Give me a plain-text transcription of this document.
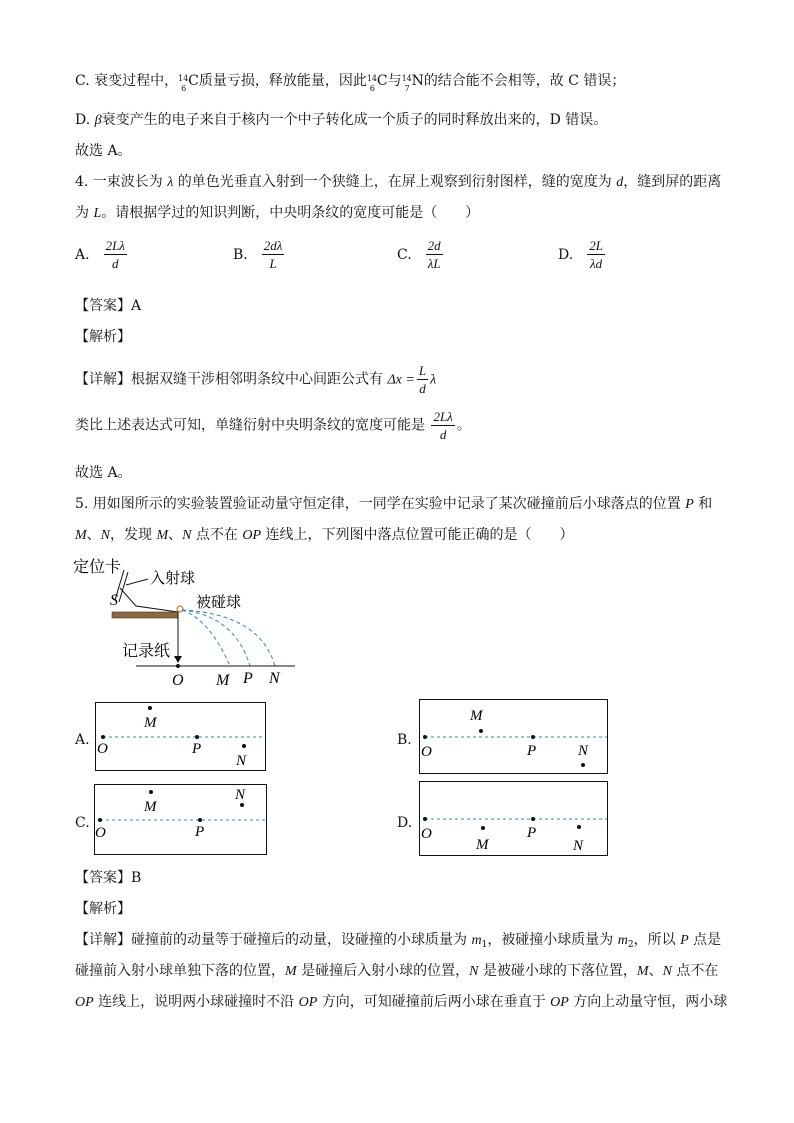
C. 衰变过程中， 14
6 C质量亏损，释放能量，因此 14
6 C与 14
7 N的结合能不会相等，故 C 错误；
D. β衰变产生的电子来自于核内一个中子转化成一个质子的同时释放出来的，D 错误。
故选 A。
4. 一束波长为 λ 的单色光垂直入射到一个狭缝上，在屏上观察到衍射图样，缝的宽度为 d，缝到屏的距离
为 L。请根据学过的知识判断，中央明条纹的宽度可能是（　　）
A. $\frac{2L\lambda}{d}$	B. $\frac{2d\lambda}{L}$	C. $\frac{2d}{\lambda L}$	D. $\frac{2L}{\lambda d}$
【答案】A
【解析】
【详解】根据双缝干涉相邻明条纹中心间距公式有 $\Delta x = \frac{L}{d}$ λ
类比上述表达式可知，单缝衍射中央明条纹的宽度可能是 $\frac{2L\lambda}{d}$ 。
故选 A。
5. 用如图所示的实验装置验证动量守恒定律，一同学在实验中记录了某次碰撞前后小球落点的位置 P 和
M、N，发现 M、N 点不在 OP 连线上，下列图中落点位置可能正确的是（　　）
定位卡
入射球
S	被碰球
记录纸
O M P N
A.
O
M
P
N
B.
O
M
P	N
C.
O
M
P
N
D.
O
M
P
N
【答案】B
【解析】
【详解】碰撞前的动量等于碰撞后的动量，设碰撞的小球质量为 $m_1$，被碰撞小球质量为 $m_2$，所以 P 点是
碰撞前入射小球单独下落的位置，M 是碰撞后入射小球的位置，N 是被碰小球的下落位置，M、N 点不在
OP 连线上，说明两小球碰撞时不沿 OP 方向，可知碰撞前后两小球在垂直于 OP 方向上动量守恒，两小球
